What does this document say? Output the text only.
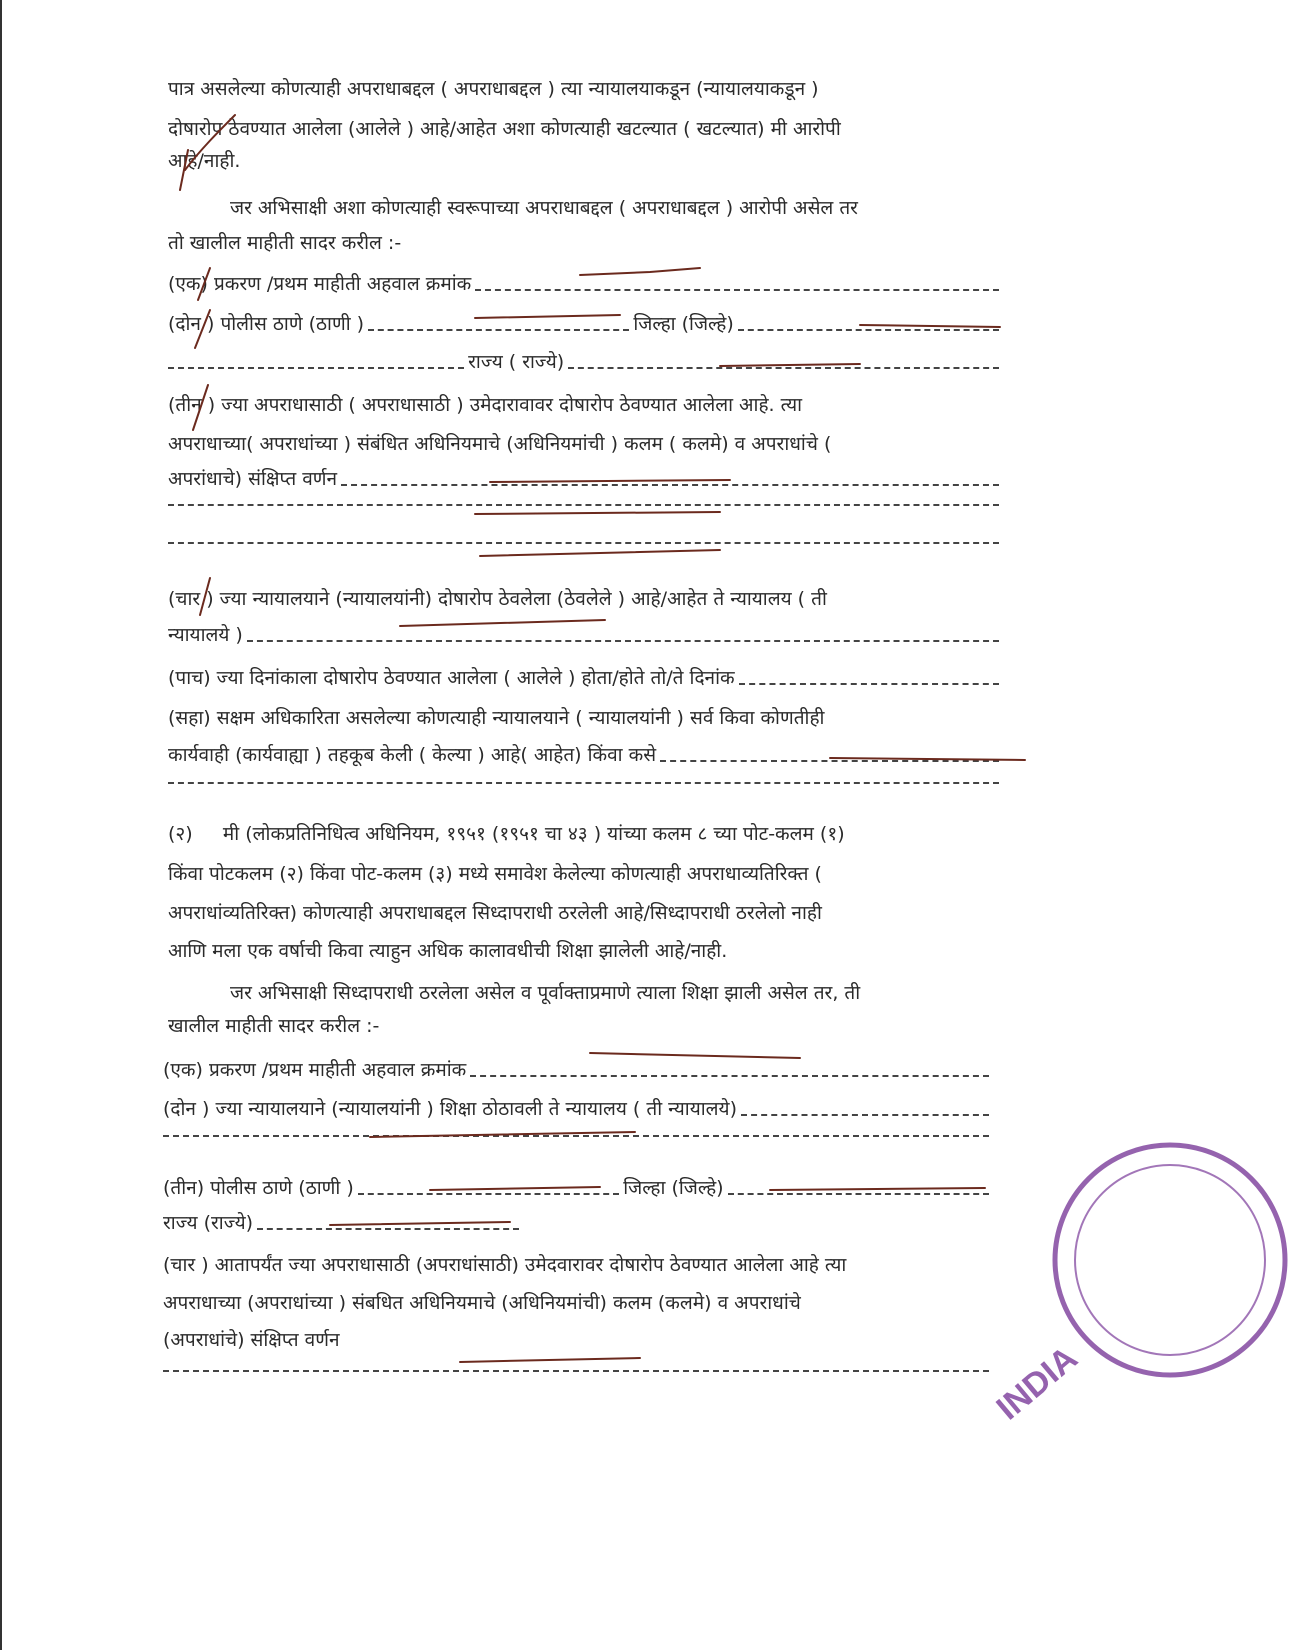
पात्र असलेल्या कोणत्याही अपराधाबद्दल ( अपराधाबद्दल ) त्या न्यायालयाकडून (न्यायालयाकडून )
दोषारोप ठेवण्यात आलेला (आलेले ) आहे/आहेत अशा कोणत्याही खटल्यात ( खटल्यात) मी आरोपी
आहे/नाही.
जर अभिसाक्षी अशा कोणत्याही स्वरूपाच्या अपराधाबद्दल ( अपराधाबद्दल ) आरोपी असेल तर
तो खालील माहीती सादर करील :-
(एक) प्रकरण /प्रथम माहीती अहवाल क्रमांक
(दोन ) पोलीस ठाणे (ठाणी )	जिल्हा (जिल्हे)
राज्य ( राज्ये)
(तीन ) ज्या अपराधासाठी ( अपराधासाठी ) उमेदारावावर दोषारोप ठेवण्यात आलेला आहे. त्या
अपराधाच्या( अपराधांच्या ) संबंधित अधिनियमाचे (अधिनियमांची ) कलम ( कलमे) व अपराधांचे (
अपरांधाचे) संक्षिप्त वर्णन
(चार ) ज्या न्यायालयाने (न्यायालयांनी) दोषारोप ठेवलेला (ठेवलेले ) आहे/आहेत ते न्यायालय ( ती
न्यायालये )
(पाच) ज्या दिनांकाला दोषारोप ठेवण्यात आलेला ( आलेले ) होता/होते तो/ते दिनांक
(सहा) सक्षम अधिकारिता असलेल्या कोणत्याही न्यायालयाने ( न्यायालयांनी ) सर्व किवा कोणतीही
कार्यवाही (कार्यवाह्या ) तहकूब केली ( केल्या ) आहे( आहेत) किंवा कसे
(२)     मी (लोकप्रतिनिधित्व अधिनियम, १९५१ (१९५१ चा ४३ ) यांच्या कलम ८ च्या पोट-कलम (१)
किंवा पोटकलम (२) किंवा पोट-कलम (३) मध्ये समावेश केलेल्या कोणत्याही अपराधाव्यतिरिक्त (
अपराधांव्यतिरिक्त) कोणत्याही अपराधाबद्दल सिध्दापराधी ठरलेली आहे/सिध्दापराधी ठरलेलो नाही
आणि मला एक वर्षाची किवा त्याहुन अधिक कालावधीची शिक्षा झालेली आहे/नाही.
जर अभिसाक्षी सिध्दापराधी ठरलेला असेल व पूर्वाक्ताप्रमाणे त्याला शिक्षा झाली असेल तर, ती
खालील माहीती सादर करील :-
(एक) प्रकरण /प्रथम माहीती अहवाल क्रमांक
(दोन ) ज्या न्यायालयाने (न्यायालयांनी ) शिक्षा ठोठावली ते न्यायालय ( ती न्यायालये)
(तीन) पोलीस ठाणे (ठाणी )	जिल्हा (जिल्हे)
राज्य (राज्ये)
(चार ) आतापर्यंत ज्या अपराधासाठी (अपराधांसाठी) उमेदवारावर दोषारोप ठेवण्यात आलेला आहे त्या
अपराधाच्या (अपराधांच्या ) संबधित अधिनियमाचे (अधिनियमांची) कलम (कलमे) व अपराधांचे
(अपराधांचे) संक्षिप्त वर्णन	INDIA
